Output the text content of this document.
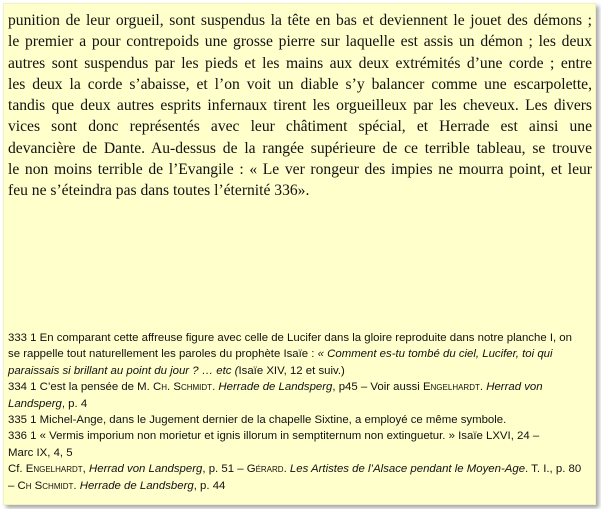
punition de leur orgueil, sont suspendus la tête en bas et deviennent le jouet des démons ;
le premier a pour contrepoids une grosse pierre sur laquelle est assis un démon ; les deux
autres sont suspendus par les pieds et les mains aux deux extrémités d’une corde ; entre
les deux la corde s’abaisse, et l’on voit un diable s’y balancer comme une escarpolette,
tandis que deux autres esprits infernaux tirent les orgueilleux par les cheveux. Les divers
vices sont donc représentés avec leur châtiment spécial, et Herrade est ainsi une
devancière de Dante. Au-dessus de la rangée supérieure de ce terrible tableau, se trouve
le non moins terrible de l’Evangile : « Le ver rongeur des impies ne mourra point, et leur
feu ne s’éteindra pas dans toutes l’éternité 336».
333 1 En comparant cette affreuse figure avec celle de Lucifer dans la gloire reproduite dans notre planche I, on
se rappelle tout naturellement les paroles du prophète Isaïe : « Comment es-tu tombé du ciel, Lucifer, toi qui
paraissais si brillant au point du jour ? … etc (Isaïe XIV, 12 et suiv.)
334 1 C’est la pensée de M. Ch. Schmidt. Herrade de Landsperg, p45 – Voir aussi Engelhardt. Herrad von
Landsperg, p. 4
335 1 Michel-Ange, dans le Jugement dernier de la chapelle Sixtine, a employé ce même symbole.
336 1 « Vermis imporium non morietur et ignis illorum in semptiternum non extinguetur. » Isaïe LXVI, 24 –
Marc IX, 4, 5
Cf. Engelhardt, Herrad von Landsperg, p. 51 – Gérard. Les Artistes de l’Alsace pendant le Moyen-Age. T. I., p. 80
– Ch Schmidt. Herrade de Landsberg, p. 44
